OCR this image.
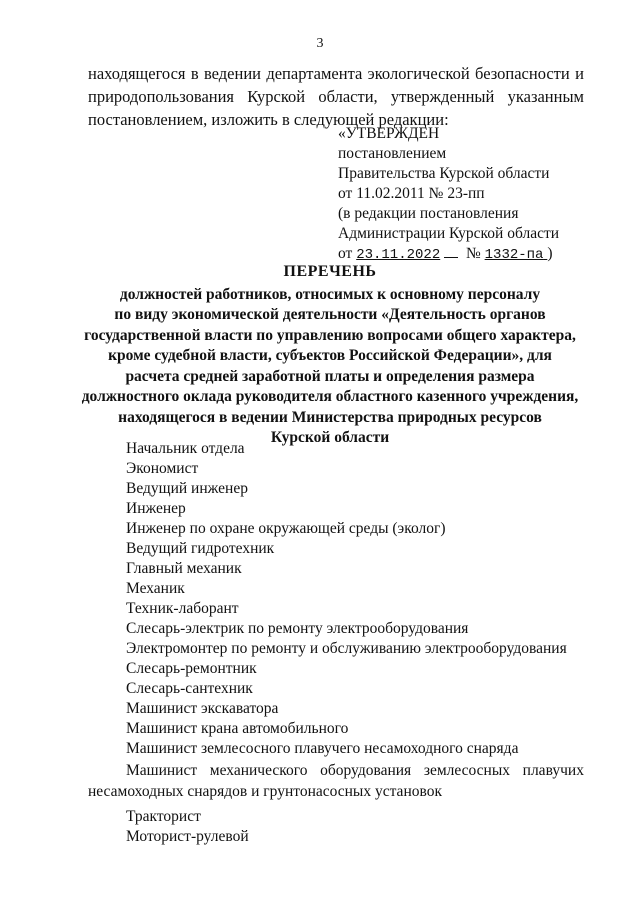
3
находящегося в ведении департамента экологической безопасности и
природопользования Курской области, утвержденный указанным
постановлением, изложить в следующей редакции:
«УТВЕРЖДЕН
постановлением
Правительства Курской области
от 11.02.2011 № 23-пп
(в редакции постановления
Администрации Курской области
от 23.11.2022 № 1332-па )
ПЕРЕЧЕНЬ
должностей работников, относимых к основному персоналу
по виду экономической деятельности «Деятельность органов
государственной власти по управлению вопросами общего характера,
кроме судебной власти, субъектов Российской Федерации», для
расчета средней заработной платы и определения размера
должностного оклада руководителя областного казенного учреждения,
находящегося в ведении Министерства природных ресурсов
Курской области
Начальник отдела
Экономист
Ведущий инженер
Инженер
Инженер по охране окружающей среды (эколог)
Ведущий гидротехник
Главный механик
Механик
Техник-лаборант
Слесарь-электрик по ремонту электрооборудования
Электромонтер по ремонту и обслуживанию электрооборудования
Слесарь-ремонтник
Слесарь-сантехник
Машинист экскаватора
Машинист крана автомобильного
Машинист землесосного плавучего несамоходного снаряда
Машинист механического оборудования землесосных плавучих
несамоходных снарядов и грунтонасосных установок
Тракторист
Моторист-рулевой
